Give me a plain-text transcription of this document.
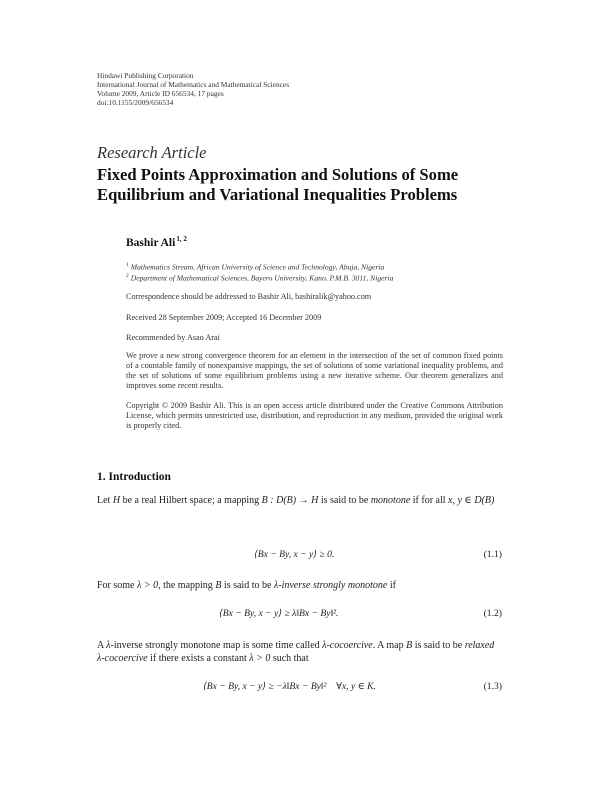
Hindawi Publishing Corporation
International Journal of Mathematics and Mathematical Sciences
Volume 2009, Article ID 656534, 17 pages
doi:10.1155/2009/656534
Research Article
Fixed Points Approximation and Solutions of Some Equilibrium and Variational Inequalities Problems
Bashir Ali$^{1, 2}$
$^1$ Mathematics Stream, African University of Science and Technology, Abuja, Nigeria
$^2$ Department of Mathematical Sciences, Bayero University, Kano, P.M.B. 3011, Nigeria
Correspondence should be addressed to Bashir Ali, bashiralik@yahoo.com
Received 28 September 2009; Accepted 16 December 2009
Recommended by Asao Arai
We prove a new strong convergence theorem for an element in the intersection of the set of common fixed points of a countable family of nonexpansive mappings, the set of solutions of some variational inequality problems, and the set of solutions of some equilibrium problems using a new iterative scheme. Our theorem generalizes and improves some recent results.
Copyright © 2009 Bashir Ali. This is an open access article distributed under the Creative Commons Attribution License, which permits unrestricted use, distribution, and reproduction in any medium, provided the original work is properly cited.
1. Introduction
Let H be a real Hilbert space; a mapping B : D(B) → H is said to be monotone if for all x, y ∈ D(B)
⟨Bx − By, x − y⟩ ≥ 0.	(1.1)
For some λ > 0, the mapping B is said to be λ-inverse strongly monotone if
⟨Bx − By, x − y⟩ ≥ λ‖Bx − By‖².	(1.2)
A λ-inverse strongly monotone map is some time called λ-cocoercive. A map B is said to be relaxed λ-cocoercive if there exists a constant λ > 0 such that
⟨Bx − By, x − y⟩ ≥ −λ‖Bx − By‖²    ∀x, y ∈ K.	(1.3)
